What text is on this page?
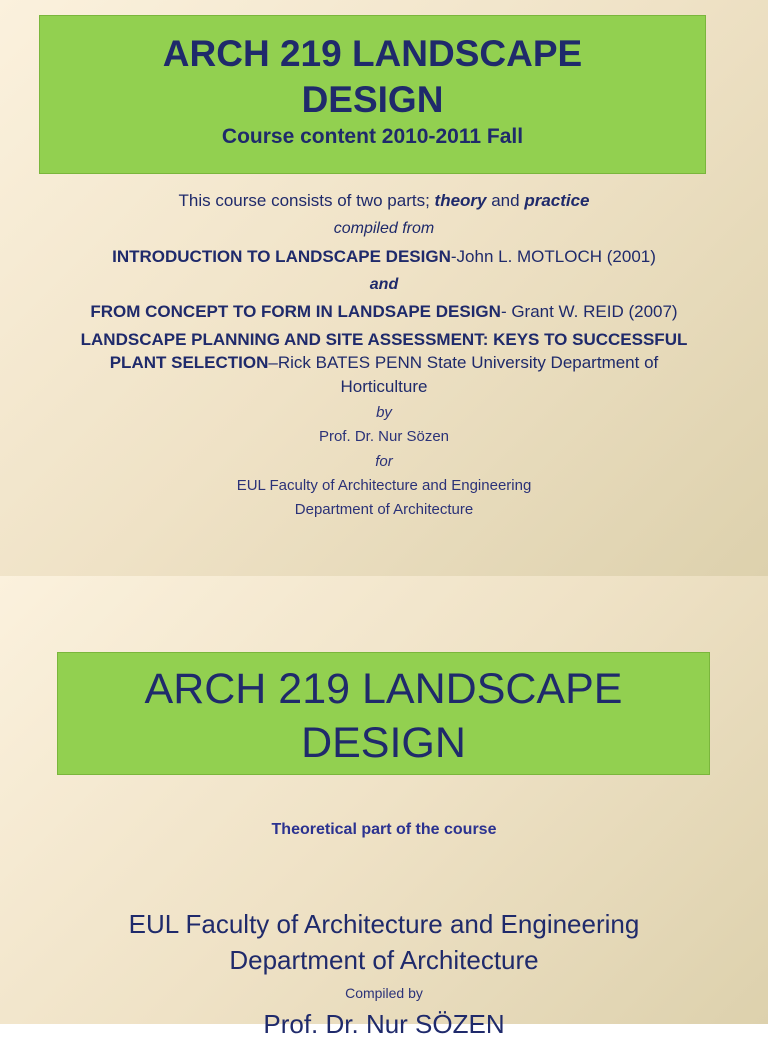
ARCH 219 LANDSCAPE
DESIGN
Course content 2010-2011 Fall
This course consists of two parts; theory and practice
compiled from
INTRODUCTION TO LANDSCAPE DESIGN-John L. MOTLOCH (2001)
and
FROM CONCEPT TO FORM IN LANDSAPE DESIGN- Grant W. REID (2007)
LANDSCAPE PLANNING AND SITE ASSESSMENT: KEYS TO SUCCESSFUL
PLANT SELECTION–Rick BATES PENN State University Department of
Horticulture
by
Prof. Dr. Nur Sözen
for
EUL Faculty of Architecture and Engineering
Department of Architecture
ARCH 219 LANDSCAPE
DESIGN
Theoretical part of the course
EUL Faculty of Architecture and Engineering
Department of Architecture
Compiled by
Prof. Dr. Nur SÖZEN
